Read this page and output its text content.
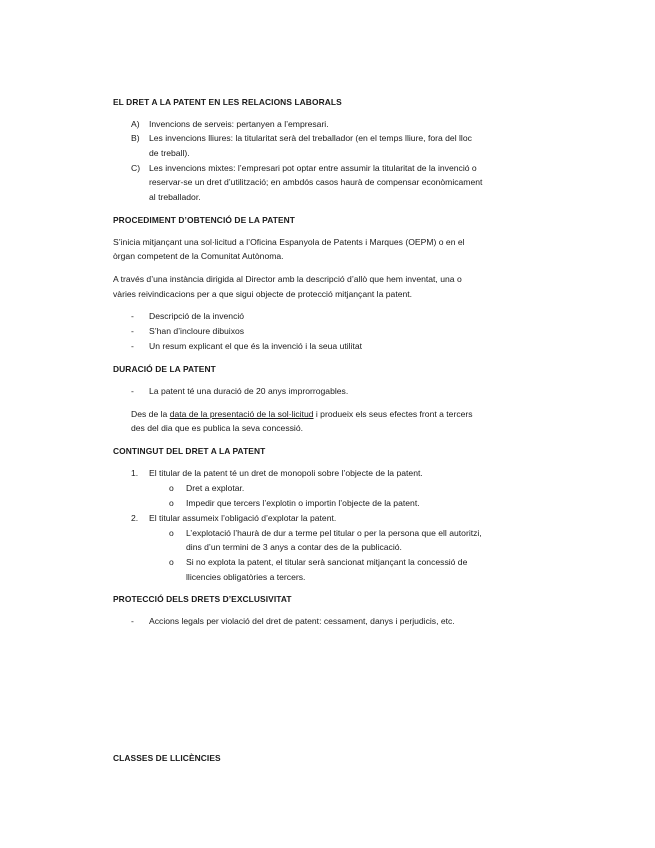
EL DRET A LA PATENT EN LES RELACIONS LABORALS
A) Invencions de serveis: pertanyen a l’empresari.
B) Les invencions lliures: la titularitat serà del treballador (en el temps lliure, fora del lloc
de treball).
C) Les invencions mixtes: l’empresari pot optar entre assumir la titularitat de la invenció o
reservar-se un dret d’utilització; en ambdós casos haurà de compensar econòmicament
al treballador.
PROCEDIMENT D’OBTENCIÓ DE LA PATENT
S’inicia mitjançant una sol·licitud a l’Oficina Espanyola de Patents i Marques (OEPM) o en el
òrgan competent de la Comunitat Autònoma.
A través d’una instància dirigida al Director amb la descripció d’allò que hem inventat, una o
vàries reivindicacions per a que sigui objecte de protecció mitjançant la patent.
- Descripció de la invenció
- S’han d’incloure dibuixos
- Un resum explicant el que és la invenció i la seua utilitat
DURACIÓ DE LA PATENT
- La patent té una duració de 20 anys improrrogables.
Des de la data de la presentació de la sol·licitud i produeix els seus efectes front a tercers
des del dia que es publica la seva concessió.
CONTINGUT DEL DRET A LA PATENT
1. El titular de la patent té un dret de monopoli sobre l’objecte de la patent.
o Dret a explotar.
o Impedir que tercers l’explotin o importin l’objecte de la patent.
2. El titular assumeix l’obligació d’explotar la patent.
o L’explotació l’haurà de dur a terme pel titular o per la persona que ell autoritzi,
dins d’un termini de 3 anys a contar des de la publicació.
o Si no explota la patent, el titular serà sancionat mitjançant la concessió de
llicencies obligatòries a tercers.
PROTECCIÓ DELS DRETS D’EXCLUSIVITAT
- Accions legals per violació del dret de patent: cessament, danys i perjudicis, etc.
CLASSES DE LLICÈNCIES
